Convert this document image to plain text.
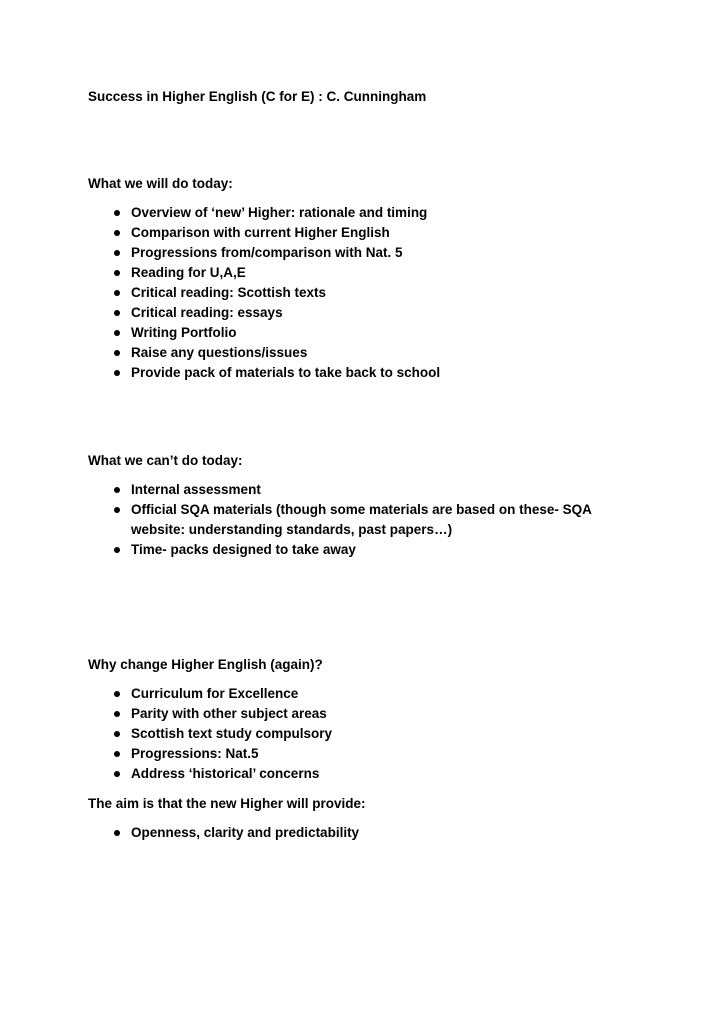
Success in Higher English (C for E) : C. Cunningham
What we will do today:
Overview of ‘new’ Higher: rationale and timing
Comparison with current Higher English
Progressions from/comparison with Nat. 5
Reading for U,A,E
Critical reading: Scottish texts
Critical reading: essays
Writing Portfolio
Raise any questions/issues
Provide pack of materials to take back to school
What we can’t do today:
Internal assessment
Official SQA materials (though some materials are based on these- SQA website: understanding standards, past papers…)
Time- packs designed to take away
Why change Higher English (again)?
Curriculum for Excellence
Parity with other subject areas
Scottish text study compulsory
Progressions: Nat.5
Address ‘historical’ concerns
The aim is that the new Higher will provide:
Openness, clarity and predictability
